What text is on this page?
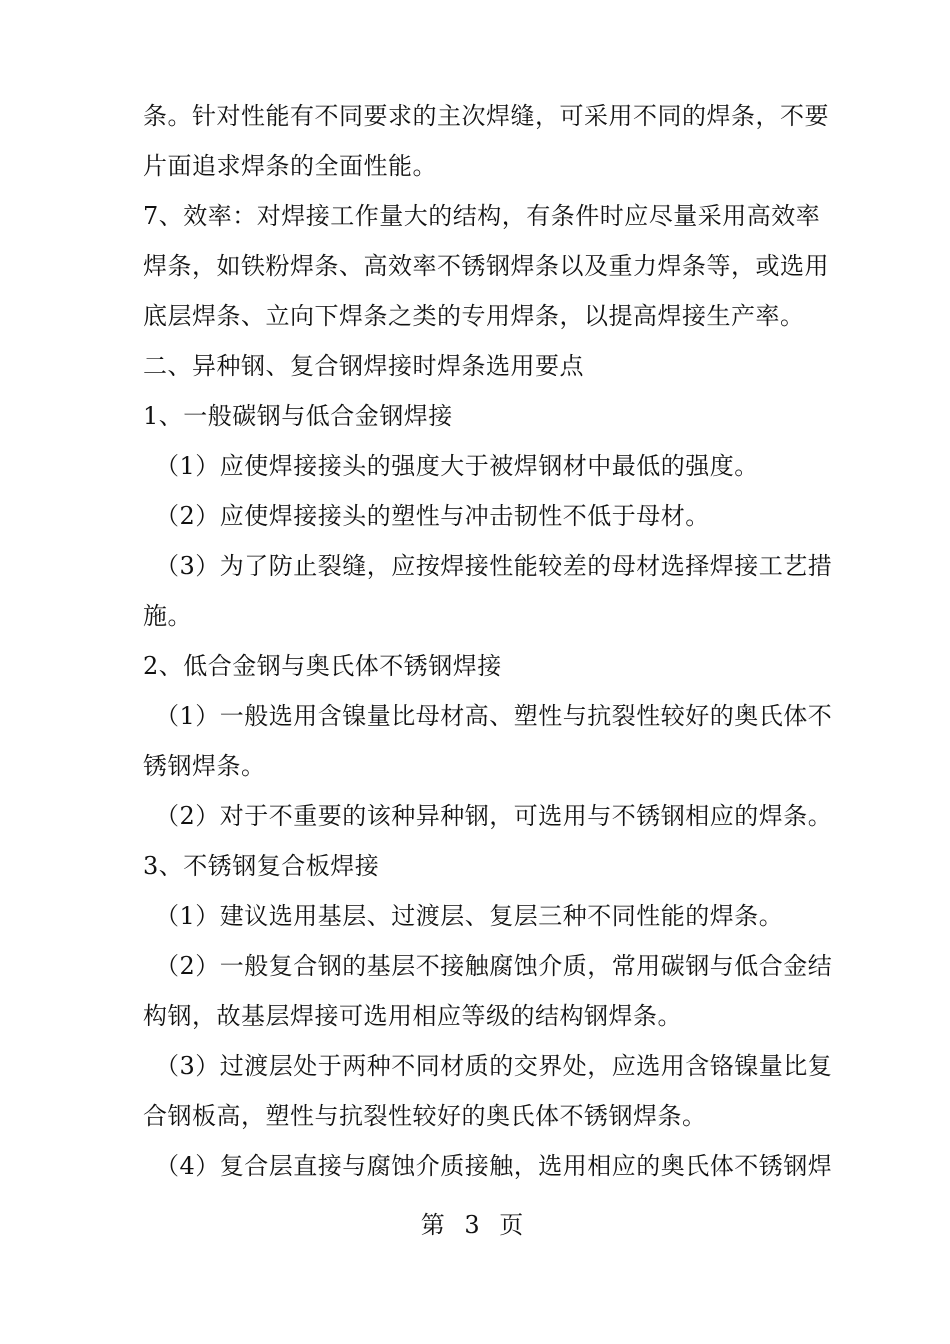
条。针对性能有不同要求的主次焊缝，可采用不同的焊条，不要
片面追求焊条的全面性能。
7、效率：对焊接工作量大的结构，有条件时应尽量采用高效率
焊条，如铁粉焊条、高效率不锈钢焊条以及重力焊条等，或选用
底层焊条、立向下焊条之类的专用焊条，以提高焊接生产率。
二、异种钢、复合钢焊接时焊条选用要点
1、一般碳钢与低合金钢焊接
（1）应使焊接接头的强度大于被焊钢材中最低的强度。
（2）应使焊接接头的塑性与冲击韧性不低于母材。
（3）为了防止裂缝，应按焊接性能较差的母材选择焊接工艺措
施。
2、低合金钢与奥氏体不锈钢焊接
（1）一般选用含镍量比母材高、塑性与抗裂性较好的奥氏体不
锈钢焊条。
（2）对于不重要的该种异种钢，可选用与不锈钢相应的焊条。
3、不锈钢复合板焊接
（1）建议选用基层、过渡层、复层三种不同性能的焊条。
（2）一般复合钢的基层不接触腐蚀介质，常用碳钢与低合金结
构钢，故基层焊接可选用相应等级的结构钢焊条。
（3）过渡层处于两种不同材质的交界处，应选用含铬镍量比复
合钢板高，塑性与抗裂性较好的奥氏体不锈钢焊条。
（4）复合层直接与腐蚀介质接触，选用相应的奥氏体不锈钢焊
第 3 页
